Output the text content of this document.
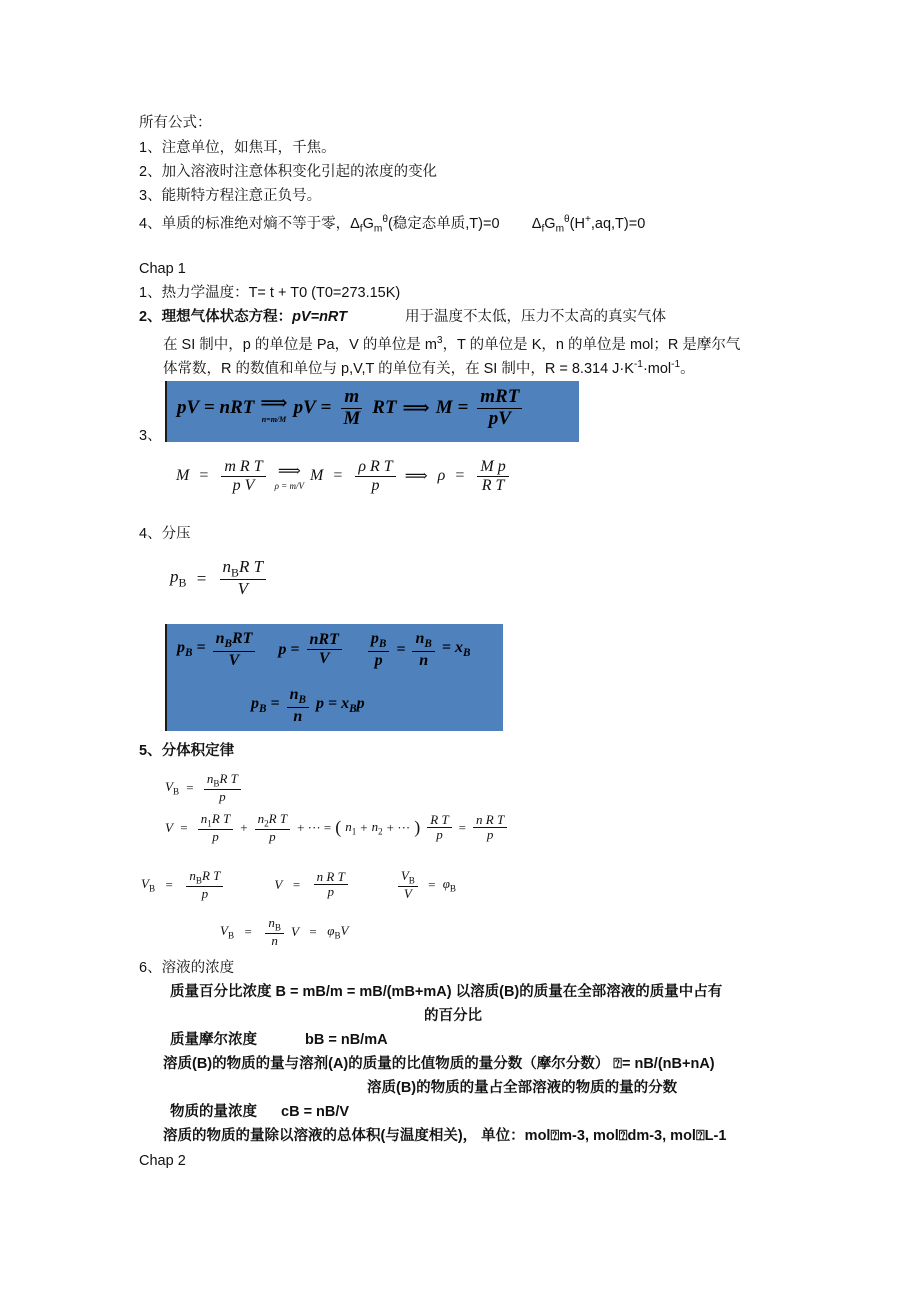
所有公式：
1、注意单位，如焦耳，千焦。
2、加入溶液时注意体积变化引起的浓度的变化
3、能斯特方程注意正负号。
4、单质的标准绝对熵不等于零，$\Delta_fG_m^\theta$(稳定态单质,T)=0        $\Delta_fG_m^\theta(H^+,aq,T)=0$
Chap 1
1、热力学温度：T= t + T0 (T0=273.15K)
2、理想气体状态方程：pV=nRT	用于温度不太低，压力不太高的真实气体
在 SI 制中，p 的单位是 Pa，V 的单位是 $m^3$，T 的单位是 K，n 的单位是 mol；R 是摩尔气
体常数，R 的数值和单位与 p,V,T 的单位有关，在 SI 制中，R = 8.314 $J\cdot K^{-1}\cdot mol^{-1}$。
pV = nRT ⟹
n=m/M
pV = $\frac{m}{M}$ RT ⟹ $M = \frac{\text{mRT}}{pV}$
3、
$M = \frac{\text{m R T}}{\text{p V}}$ ⟹
ρ = m/V
$M = \frac{\text{ρ R T}}{p}$ ⟹ $\rho = \frac{\text{M p}}{\text{R T}}$
4、分压
$p_B = \frac{n_BR T}{V}$
$p_B = \frac{n_BRT}{V}$ $p = \frac{\text{nRT}}{V} \frac{p_B}{p} = \frac{n_B}{n} = x_B$
$p_B = \frac{n_B}{n}$ $p = x_Bp$
5、分体积定律
$V_B = \frac{n_BR T}{p}$
$V = \frac{n_1R T}{p} + \frac{n_2R T}{p}$ + ··· = ( $n_1 + n_2$ + ··· ) $\frac{\text{R T}}{p} = \frac{\text{n R T}}{p}$
$V_B = \frac{n_BR T}{p}$	$V = \frac{\text{n R T}}{p}$	$\frac{V_B}{V} = \varphi_B$
$V_B = \frac{n_B}{n}$ $V = \varphi_BV$
6、溶液的浓度
质量百分比浓度 B = mB/m = mB/(mB+mA) 以溶质(B)的质量在全部溶液的质量中占有
的百分比
质量摩尔浓度	bB = nB/mA
溶质(B)的物质的量与溶剂(A)的质量的比值物质的量分数（摩尔分数） ⍰= nB/(nB+nA)
溶质(B)的物质的量占全部溶液的物质的量的分数
物质的量浓度 cB = nB/V
溶质的物质的量除以溶液的总体积(与温度相关)， 单位：mol⍰m-3, mol⍰dm-3, mol⍰L-1
Chap 2
